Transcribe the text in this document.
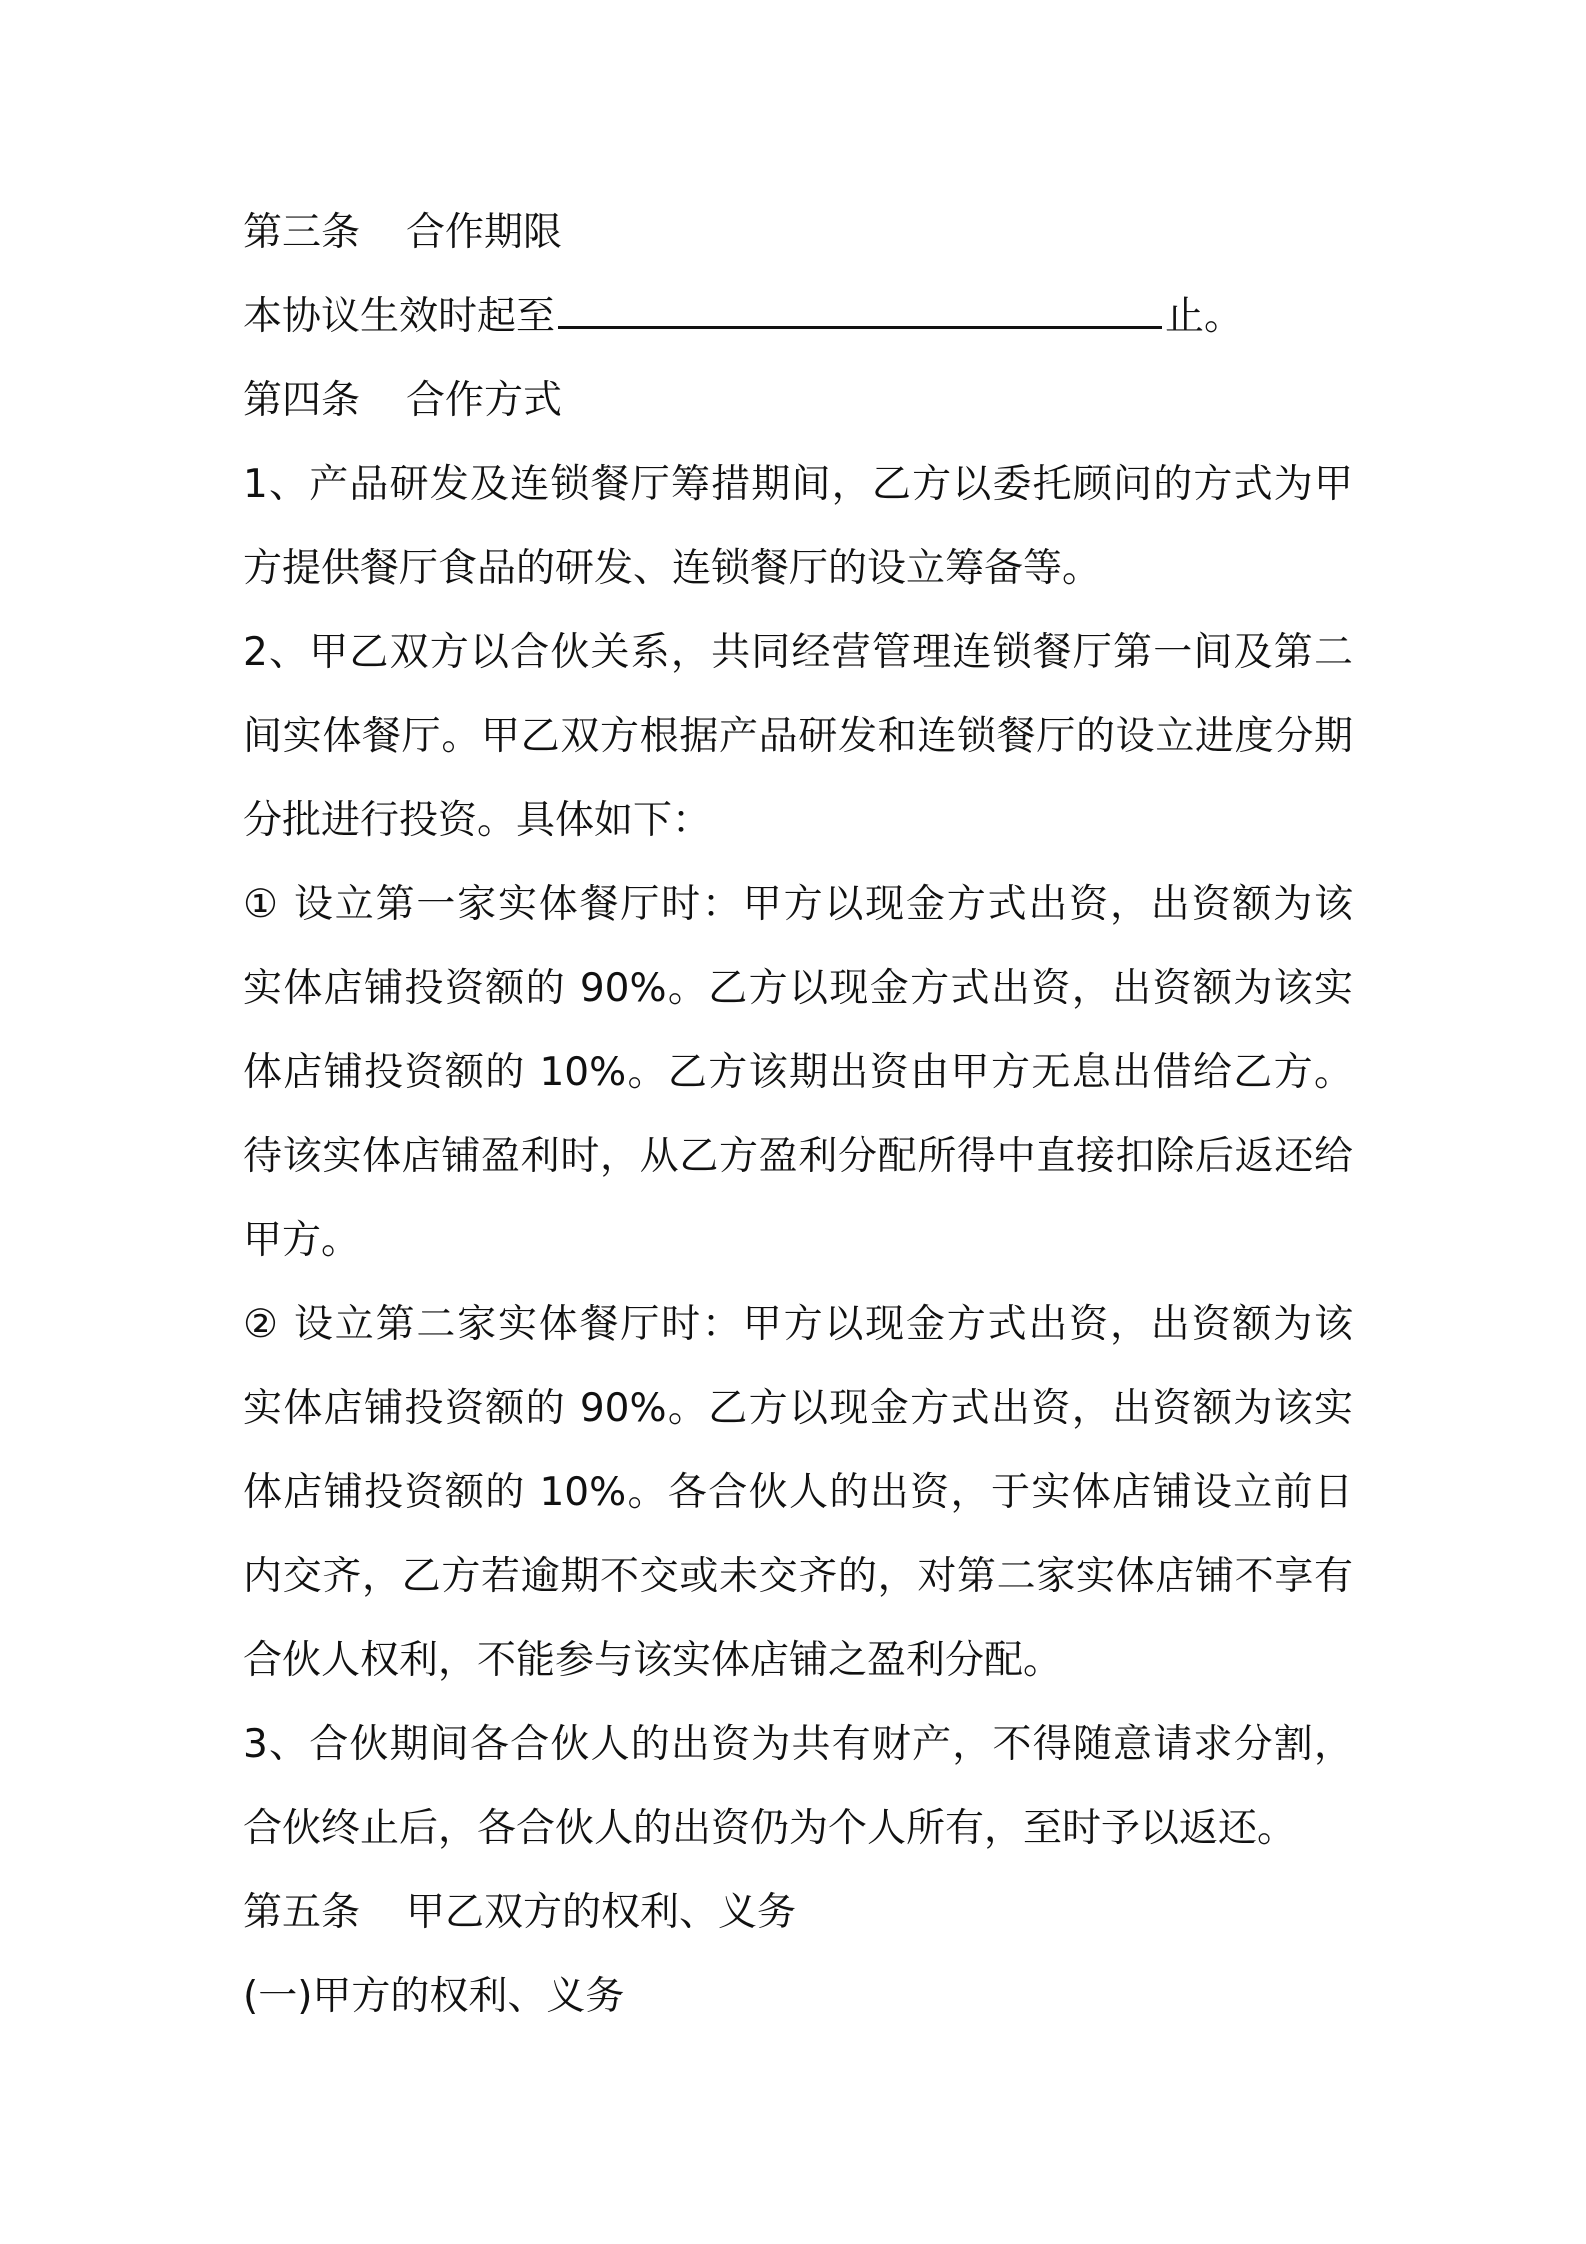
第三条 合作期限
本协议生效时起至	止。
第四条 合作方式
1、产品研发及连锁餐厅筹措期间，乙方以委托顾问的方式为甲
方提供餐厅食品的研发、连锁餐厅的设立筹备等。
2、甲乙双方以合伙关系，共同经营管理连锁餐厅第一间及第二
间实体餐厅。甲乙双方根据产品研发和连锁餐厅的设立进度分期
分批进行投资。具体如下：
① 设立第一家实体餐厅时：甲方以现金方式出资，出资额为该
实体店铺投资额的 90%。乙方以现金方式出资，出资额为该实
体店铺投资额的 10%。乙方该期出资由甲方无息出借给乙方。
待该实体店铺盈利时，从乙方盈利分配所得中直接扣除后返还给
甲方。
② 设立第二家实体餐厅时：甲方以现金方式出资，出资额为该
实体店铺投资额的 90%。乙方以现金方式出资，出资额为该实
体店铺投资额的 10%。各合伙人的出资，于实体店铺设立前日
内交齐，乙方若逾期不交或未交齐的，对第二家实体店铺不享有
合伙人权利，不能参与该实体店铺之盈利分配。
3、合伙期间各合伙人的出资为共有财产，不得随意请求分割，
合伙终止后，各合伙人的出资仍为个人所有，至时予以返还。
第五条 甲乙双方的权利、义务
(一)甲方的权利、义务
